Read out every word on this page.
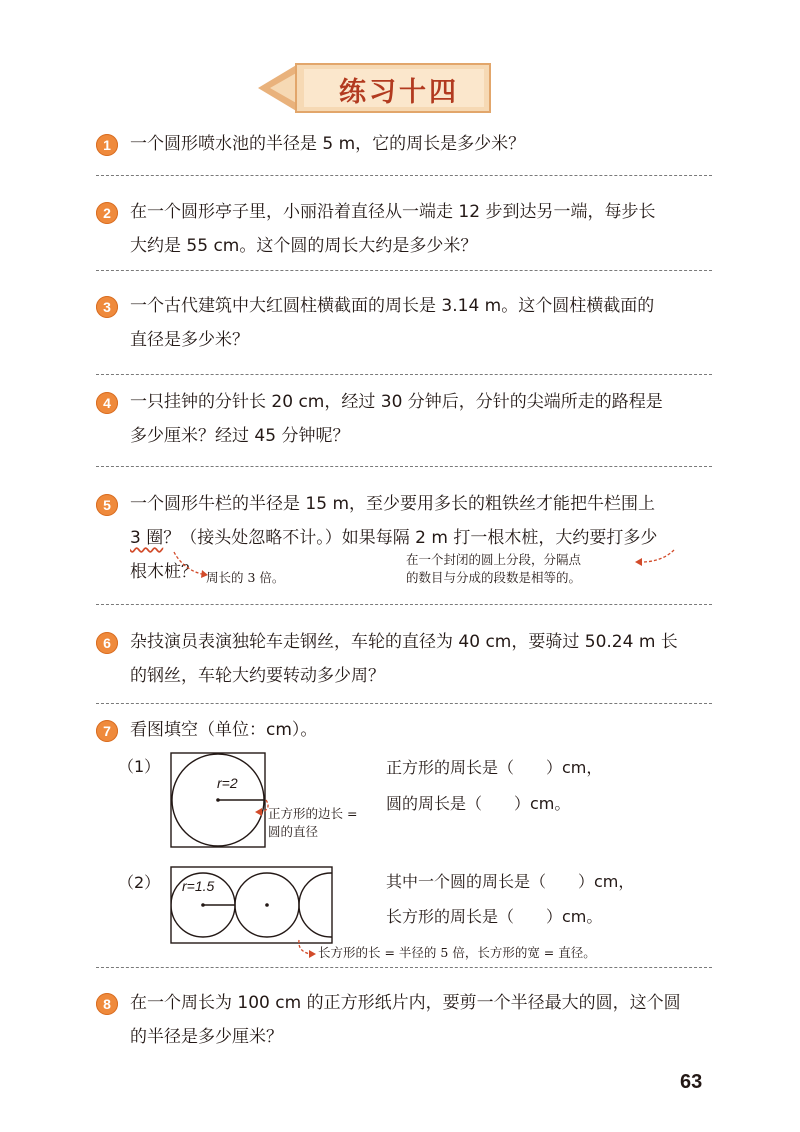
练习十四
1	一个圆形喷水池的半径是 5 m，它的周长是多少米？
2	在一个圆形亭子里，小丽沿着直径从一端走 12 步到达另一端，每步长
大约是 55 cm。这个圆的周长大约是多少米？
3	一个古代建筑中大红圆柱横截面的周长是 3.14 m。这个圆柱横截面的
直径是多少米？
4	一只挂钟的分针长 20 cm，经过 30 分钟后，分针的尖端所走的路程是
多少厘米？经过 45 分钟呢？
5	一个圆形牛栏的半径是 15 m，至少要用多长的粗铁丝才能把牛栏围上
3 圈？（接头处忽略不计。）如果每隔 2 m 打一根木桩，大约要打多少
根木桩？ 周长的 3 倍。
在一个封闭的圆上分段，分隔点
的数目与分成的段数是相等的。
6	杂技演员表演独轮车走钢丝，车轮的直径为 40 cm，要骑过 50.24 m 长
的钢丝，车轮大约要转动多少周？
7	看图填空（单位：cm）。
（1）
r=2
正方形的边长 =
圆的直径
正方形的周长是（　　）cm，
圆的周长是（　　）cm。
（2） r=1.5
长方形的长 = 半径的 5 倍，长方形的宽 = 直径。
其中一个圆的周长是（　　）cm，
长方形的周长是（　　）cm。
8	在一个周长为 100 cm 的正方形纸片内，要剪一个半径最大的圆，这个圆
的半径是多少厘米？
63
